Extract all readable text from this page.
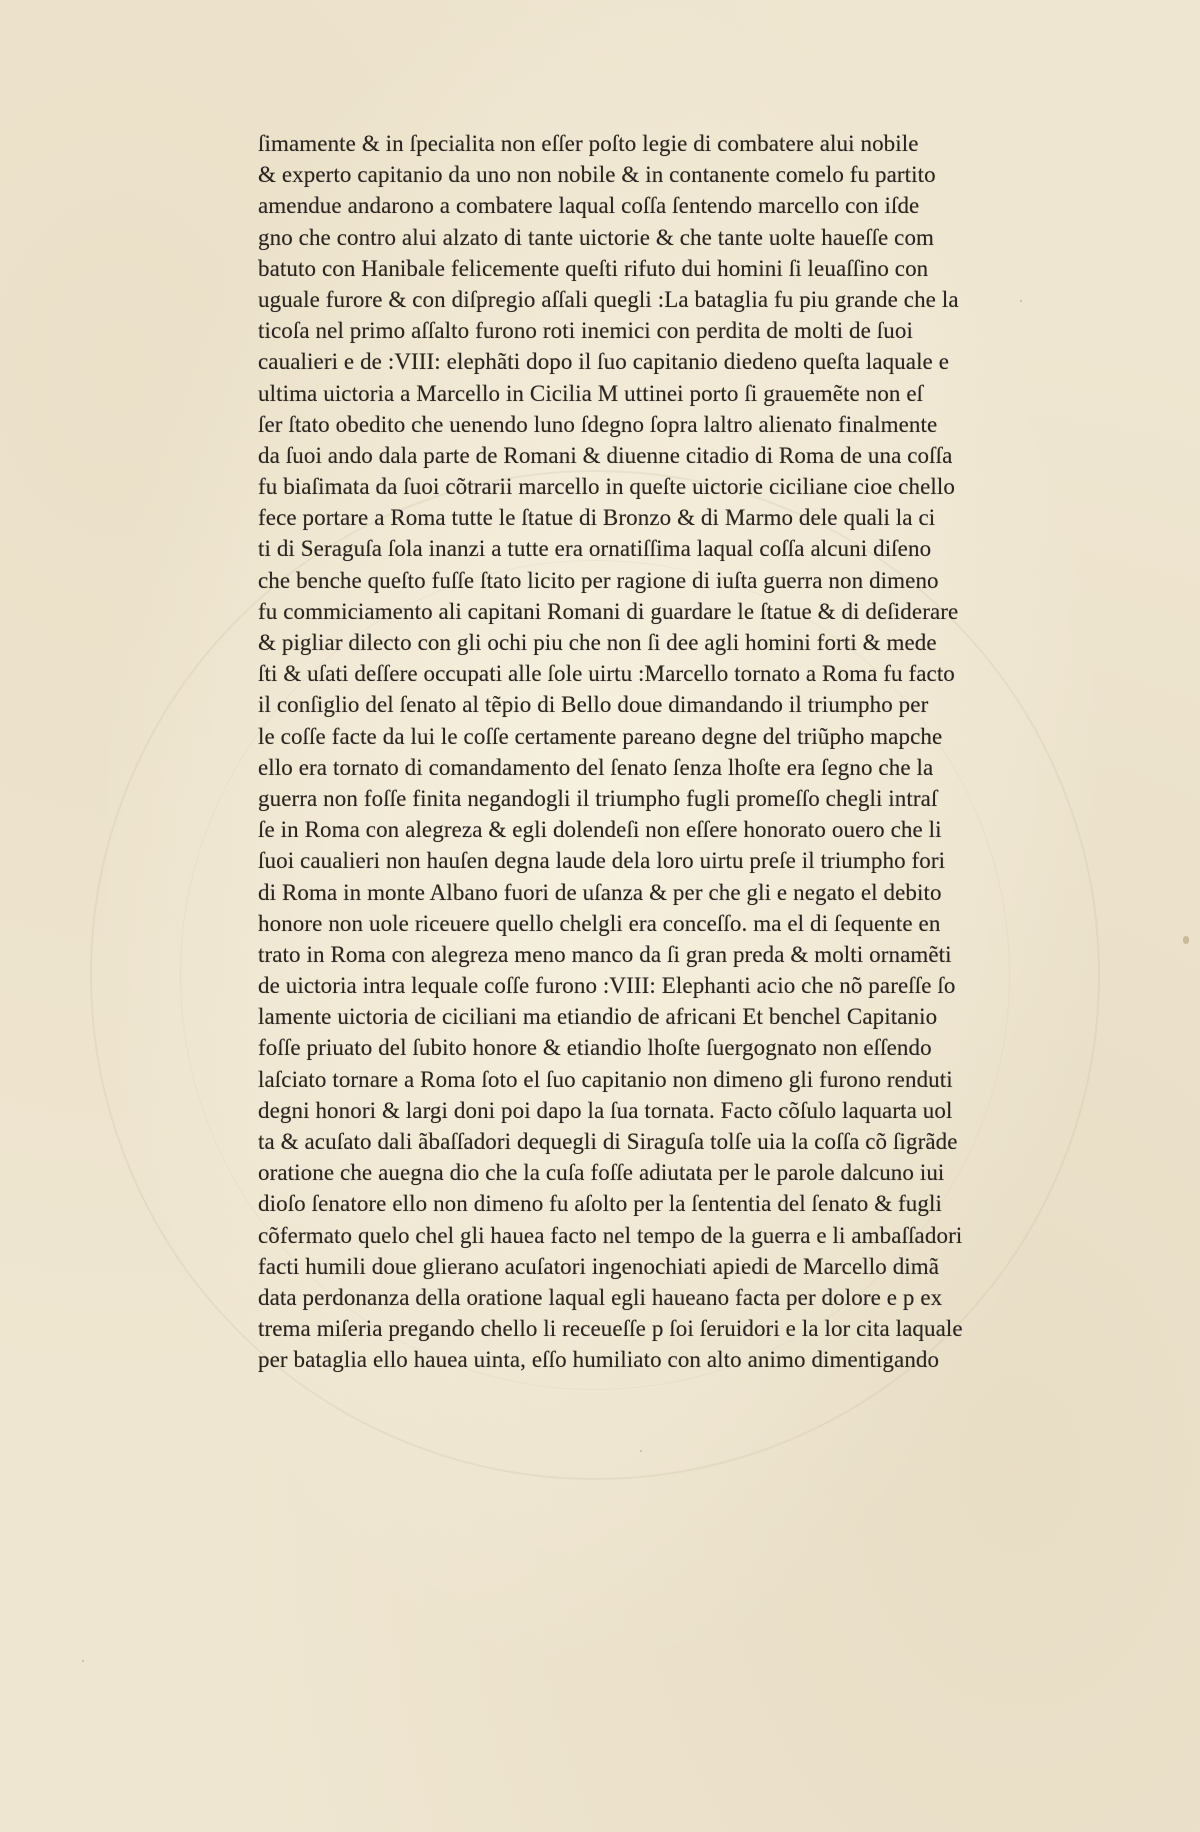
ſimamente & in ſpecialita non eſſer poſto legie di combatere alui nobile
& experto capitanio da uno non nobile & in contanente comelo fu partito
amendue andarono a combatere laqual coſſa ſentendo marcello con iſde
gno che contro alui alzato di tante uictorie & che tante uolte haueſſe com
batuto con Hanibale felicemente queſti rifuto dui homini ſi leuaſſino con
uguale furore & con diſpregio aſſali quegli :La bataglia fu piu grande che la
ticoſa nel primo aſſalto furono roti inemici con perdita de molti de ſuoi
caualieri e de :VIII: elephãti dopo il ſuo capitanio diedeno queſta laquale e
ultima uictoria a Marcello in Cicilia M uttinei porto ſi grauemẽte non eſ
ſer ſtato obedito che uenendo luno ſdegno ſopra laltro alienato finalmente
da ſuoi ando dala parte de Romani & diuenne citadio di Roma de una coſſa
fu biaſimata da ſuoi cõtrarii marcello in queſte uictorie ciciliane cioe chello
fece portare a Roma tutte le ſtatue di Bronzo & di Marmo dele quali la ci
ti di Seraguſa ſola inanzi a tutte era ornatiſſima laqual coſſa alcuni diſeno
che benche queſto fuſſe ſtato licito per ragione di iuſta guerra non dimeno
fu commiciamento ali capitani Romani di guardare le ſtatue & di deſiderare
& pigliar dilecto con gli ochi piu che non ſi dee agli homini forti & mede
ſti & uſati deſſere occupati alle ſole uirtu :Marcello tornato a Roma fu facto
il conſiglio del ſenato al tẽpio di Bello doue dimandando il triumpho per
le coſſe facte da lui le coſſe certamente pareano degne del triũpho mapche
ello era tornato di comandamento del ſenato ſenza lhoſte era ſegno che la
guerra non foſſe finita negandogli il triumpho fugli promeſſo chegli intraſ
ſe in Roma con alegreza & egli dolendeſi non eſſere honorato ouero che li
ſuoi caualieri non hauſen degna laude dela loro uirtu preſe il triumpho fori
di Roma in monte Albano fuori de uſanza & per che gli e negato el debito
honore non uole riceuere quello chelgli era conceſſo. ma el di ſequente en
trato in Roma con alegreza meno manco da ſi gran preda & molti ornamẽti
de uictoria intra lequale coſſe furono :VIII: Elephanti acio che nõ pareſſe ſo
lamente uictoria de ciciliani ma etiandio de africani Et benchel Capitanio
foſſe priuato del ſubito honore & etiandio lhoſte ſuergognato non eſſendo
laſciato tornare a Roma ſoto el ſuo capitanio non dimeno gli furono renduti
degni honori & largi doni poi dapo la ſua tornata. Facto cõſulo laquarta uol
ta & acuſato dali ãbaſſadori dequegli di Siraguſa tolſe uia la coſſa cõ ſigrãde
oratione che auegna dio che la cuſa foſſe adiutata per le parole dalcuno iui
dioſo ſenatore ello non dimeno fu aſolto per la ſententia del ſenato & fugli
cõfermato quelo chel gli hauea facto nel tempo de la guerra e li ambaſſadori
facti humili doue glierano acuſatori ingenochiati apiedi de Marcello dimã
data perdonanza della oratione laqual egli haueano facta per dolore e p ex
trema miſeria pregando chello li receueſſe p ſoi ſeruidori e la lor cita laquale
per bataglia ello hauea uinta, eſſo humiliato con alto animo dimentigando
